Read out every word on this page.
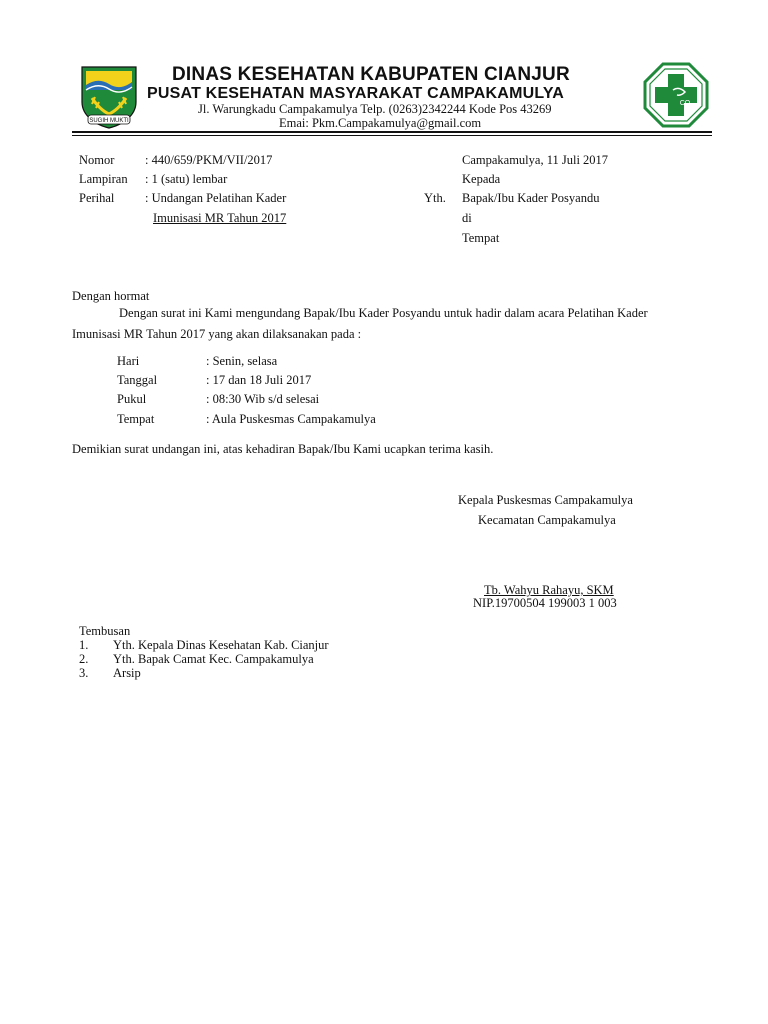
SUGIH MUKTI
DINAS KESEHATAN KABUPATEN CIANJUR
PUSAT KESEHATAN MASYARAKAT CAMPAKAMULYA
Jl. Warungkadu Campakamulya Telp. (0263)2342244 Kode Pos 43269
Emai: Pkm.Campakamulya@gmail.com
CO
Nomor : 440/659/PKM/VII/2017
Lampiran : 1 (satu) lembar
Perihal : Undangan Pelatihan Kader
Imunisasi MR Tahun 2017
Campakamulya, 11 Juli 2017
Kepada
Yth. Bapak/Ibu Kader Posyandu
di
Tempat
Dengan hormat
Dengan surat ini Kami mengundang Bapak/Ibu Kader Posyandu untuk hadir dalam acara Pelatihan Kader
Imunisasi MR Tahun 2017 yang akan dilaksanakan pada :
Hari	: Senin, selasa
Tanggal	: 17 dan 18 Juli 2017
Pukul	: 08:30 Wib s/d selesai
Tempat	: Aula Puskesmas Campakamulya
Demikian surat undangan ini, atas kehadiran Bapak/Ibu Kami ucapkan terima kasih.
Kepala Puskesmas Campakamulya
Kecamatan Campakamulya
Tb. Wahyu Rahayu, SKM
NIP.19700504 199003 1 003
Tembusan
1. Yth. Kepala Dinas Kesehatan Kab. Cianjur
2. Yth. Bapak Camat Kec. Campakamulya
3. Arsip
